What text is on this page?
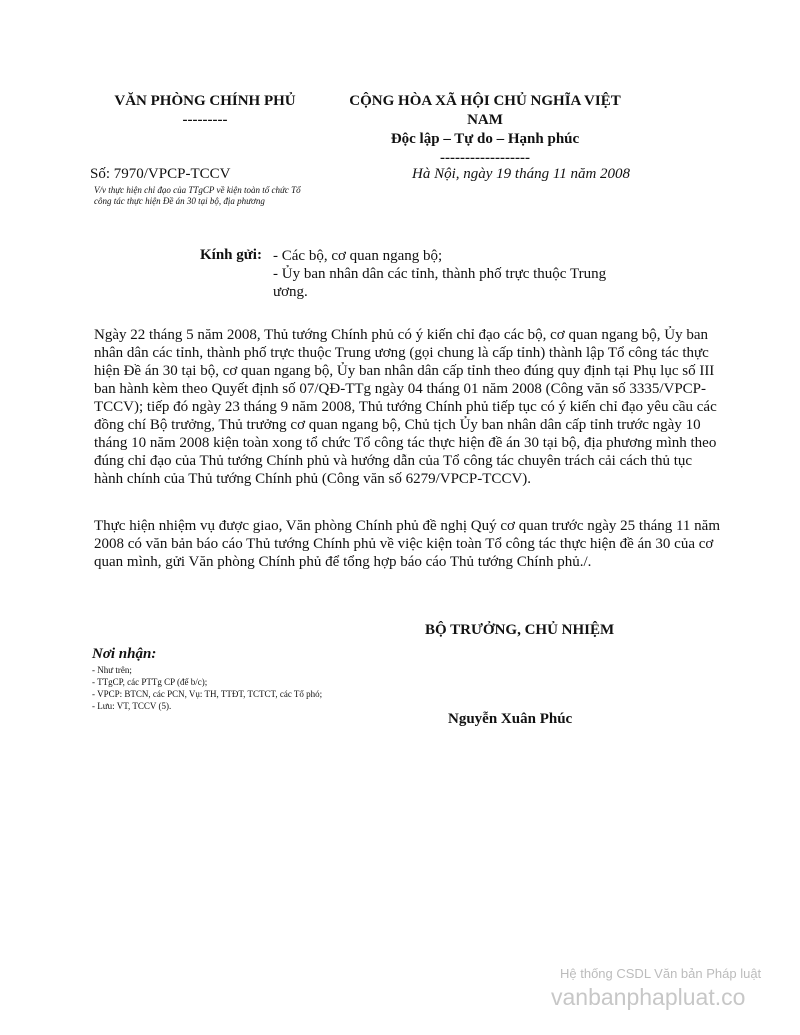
VĂN PHÒNG CHÍNH PHỦ
---------
CỘNG HÒA XÃ HỘI CHỦ NGHĨA VIỆT
NAM
Độc lập – Tự do – Hạnh phúc
------------------
Số: 7970/VPCP-TCCV	Hà Nội, ngày 19 tháng 11 năm 2008
V/v thực hiện chỉ đạo của TTgCP về kiện toàn tổ chức Tổ công tác thực hiện Đề án 30 tại bộ, địa phương
Kính gửi: - Các bộ, cơ quan ngang bộ;
- Ủy ban nhân dân các tỉnh, thành phố trực thuộc Trung ương.
Ngày 22 tháng 5 năm 2008, Thủ tướng Chính phủ có ý kiến chỉ đạo các bộ, cơ quan ngang bộ, Ủy ban nhân dân các tỉnh, thành phố trực thuộc Trung ương (gọi chung là cấp tỉnh) thành lập Tổ công tác thực hiện Đề án 30 tại bộ, cơ quan ngang bộ, Ủy ban nhân dân cấp tỉnh theo đúng quy định tại Phụ lục số III ban hành kèm theo Quyết định số 07/QĐ-TTg ngày 04 tháng 01 năm 2008 (Công văn số 3335/VPCP-TCCV); tiếp đó ngày 23 tháng 9 năm 2008, Thủ tướng Chính phủ tiếp tục có ý kiến chỉ đạo yêu cầu các đồng chí Bộ trưởng, Thủ trưởng cơ quan ngang bộ, Chủ tịch Ủy ban nhân dân cấp tỉnh trước ngày 10 tháng 10 năm 2008 kiện toàn xong tổ chức Tổ công tác thực hiện đề án 30 tại bộ, địa phương mình theo đúng chỉ đạo của Thủ tướng Chính phủ và hướng dẫn của Tổ công tác chuyên trách cải cách thủ tục hành chính của Thủ tướng Chính phủ (Công văn số 6279/VPCP-TCCV).
Thực hiện nhiệm vụ được giao, Văn phòng Chính phủ đề nghị Quý cơ quan trước ngày 25 tháng 11 năm 2008 có văn bản báo cáo Thủ tướng Chính phủ về việc kiện toàn Tổ công tác thực hiện đề án 30 của cơ quan mình, gửi Văn phòng Chính phủ để tổng hợp báo cáo Thủ tướng Chính phủ./.
BỘ TRƯỞNG, CHỦ NHIỆM
Nơi nhận:
- Như trên;
- TTgCP, các PTTg CP (để b/c);
- VPCP: BTCN, các PCN, Vụ: TH, TTĐT, TCTCT, các Tổ phó;
- Lưu: VT, TCCV (5).
Nguyễn Xuân Phúc
Hệ thống CSDL Văn bản Pháp luật
vanbanphapluat.co
